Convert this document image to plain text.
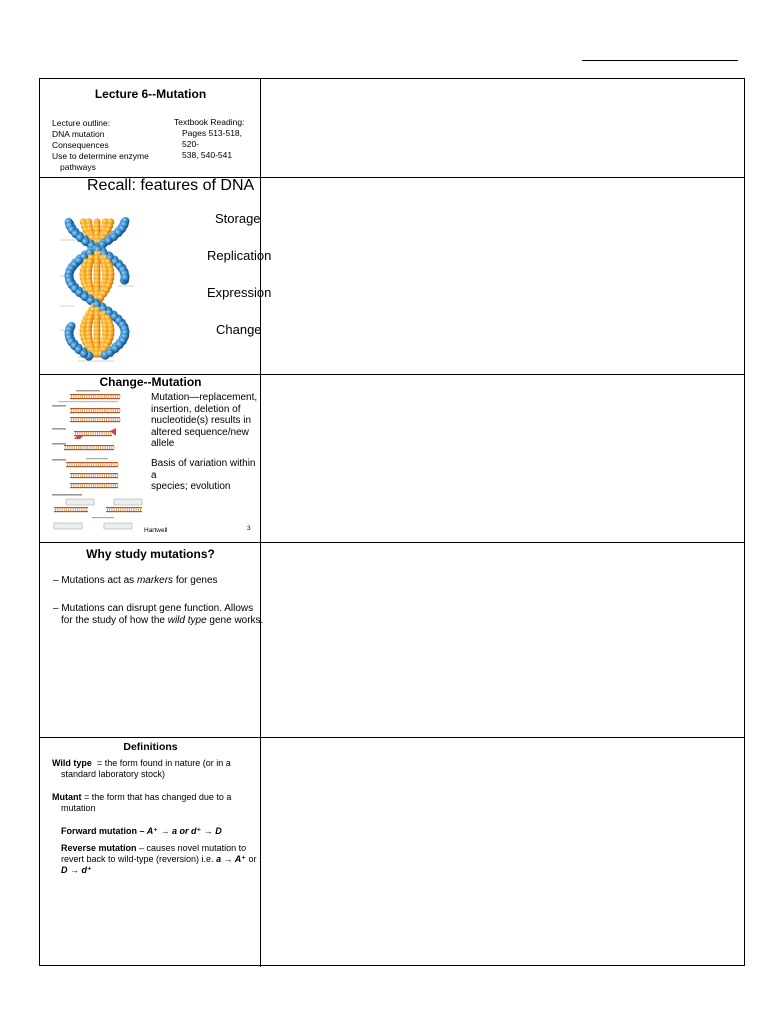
Lecture 6--Mutation
Lecture outline:
DNA mutation
Consequences
Use to determine enzyme
pathways
Textbook Reading:
Pages 513-518, 520-
538, 540-541
Recall: features of DNA
Storage
Replication
Expression
Change
Change--Mutation
Mutation—replacement,
insertion, deletion of
nucleotide(s) results in
altered sequence/new
allele
Basis of variation within a
species; evolution
Hartwell	3
Why study mutations?
– Mutations act as markers for genes
– Mutations can disrupt gene function. Allows
for the study of how the wild type gene works.
Definitions
Wild type = the form found in nature (or in a
standard laboratory stock)
Mutant = the form that has changed due to a
mutation
Forward mutation – A⁺ → a or d⁺ → D
Reverse mutation – causes novel mutation to
revert back to wild-type (reversion) i.e. a → A⁺ or
D → d⁺
